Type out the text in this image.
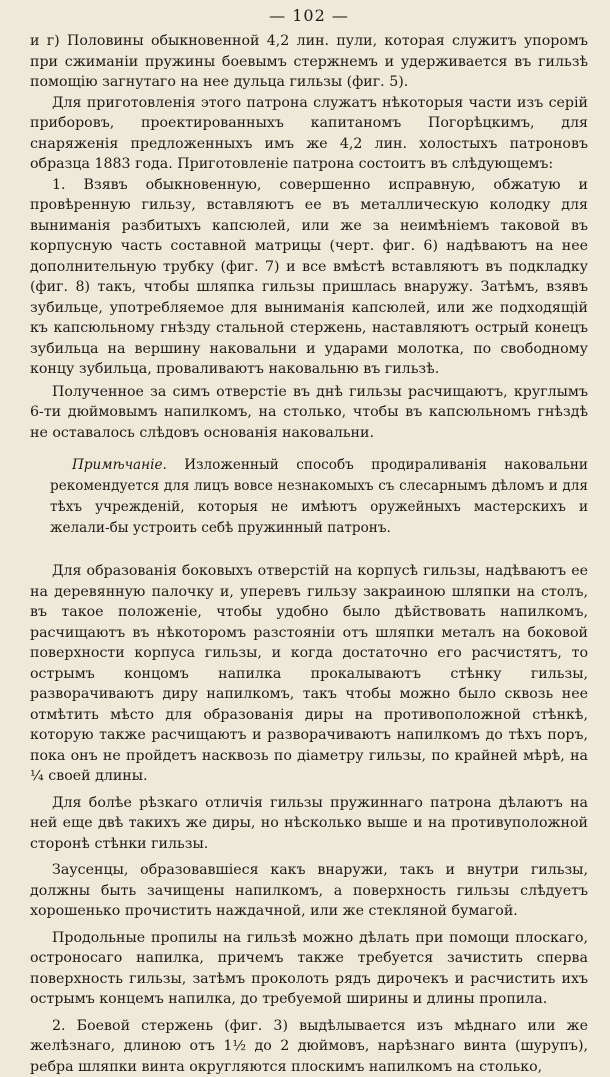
— 102 —

и г) Половины обыкновенной 4,2 лин. пули, которая служитъ упоромъ при сжиманіи пружины боевымъ стержнемъ и удерживается въ гильзѣ помощію загнутаго на нее дульца гильзы (фиг. 5).

Для приготовленія этого патрона служатъ нѣкоторыя части изъ серій приборовъ, проектированныхъ капитаномъ Погорѣцкимъ, для снаряженія предложенныхъ имъ же 4,2 лин. холостыхъ патроновъ образца 1883 года. Приготовленіе патрона состоитъ въ слѣдующемъ:

1. Взявъ обыкновенную, совершенно исправную, обжатую и провѣренную гильзу, вставляютъ ее въ металлическую колодку для вынимaнія разбитыхъ капсюлей, или же за неимѣніемъ таковой въ корпусную часть составной матрицы (черт. фиг. 6) надѣваютъ на нее дополнительную трубку (фиг. 7) и все вмѣстѣ вставляютъ въ подкладку (фиг. 8) такъ, чтобы шляпка гильзы пришлась внаружу. Затѣмъ, взявъ зубильце, употребляемое для выниманія капсюлей, или же подходящій къ капсюльному гнѣзду стальной стержень, наставляютъ острый конецъ зубильца на вершину наковальни и ударами молотка, по свободному концу зубильца, проваливаютъ наковальню въ гильзѣ.

Полученное за симъ отверстіе въ днѣ гильзы расчищаютъ, круглымъ 6-ти дюймовымъ напилкомъ, на столько, чтобы въ капсюльномъ гнѣздѣ не оставалось слѣдовъ основанія наковальни.

Примѣчаніе. Изложенный способъ продираливанія наковальни рекомендуется для лицъ вовсе незнакомыхъ съ слесарнымъ дѣломъ и для тѣхъ учрежденій, которыя не имѣютъ оружейныхъ мастерскихъ и желали-бы устроить себѣ пружинный патронъ.

Для образованія боковыхъ отверстій на корпусѣ гильзы, надѣваютъ ее на деревянную палочку и, уперевъ гильзу закраиною шляпки на столъ, въ такое положеніе, чтобы удобно было дѣйствовать напилкомъ, расчищаютъ въ нѣкоторомъ разстояніи отъ шляпки металъ на боковой поверхности корпуса гильзы, и когда достаточно его расчистятъ, то острымъ концомъ напилка прокалываютъ стѣнку гильзы, разворачиваютъ диру напилкомъ, такъ чтобы можно было сквозь нее отмѣтить мѣсто для образованія диры на противоположной стѣнкѣ, которую также расчищаютъ и разворачиваютъ напилкомъ до тѣхъ поръ, пока онъ не пройдетъ насквозь по діаметру гильзы, по крайней мѣрѣ, на ¼ своей длины.

Для болѣе рѣзкаго отличія гильзы пружиннаго патрона дѣлаютъ на ней еще двѣ такихъ же диры, но нѣсколько выше и на противуположной сторонѣ стѣнки гильзы.

Заусенцы, образовавшіеся какъ внаружи, такъ и внутри гильзы, должны быть зачищены напилкомъ, а поверхность гильзы слѣдуетъ хорошенько прочистить наждачной, или же стекляной бумагой.

Продольные пропилы на гильзѣ можно дѣлать при помощи плоскаго, остроносаго напилка, причемъ также требуется зачистить сперва поверхность гильзы, затѣмъ проколоть рядъ дирочекъ и расчистить ихъ острымъ концемъ напилка, до требуемой ширины и длины пропила.

2. Боевой стержень (фиг. 3) выдѣлывается изъ мѣднаго или же желѣзнаго, длиною отъ 1½ до 2 дюймовъ, нарѣзнаго винта (шурупъ), ребра шляпки винта округляются плоскимъ напилкомъ на столько,
